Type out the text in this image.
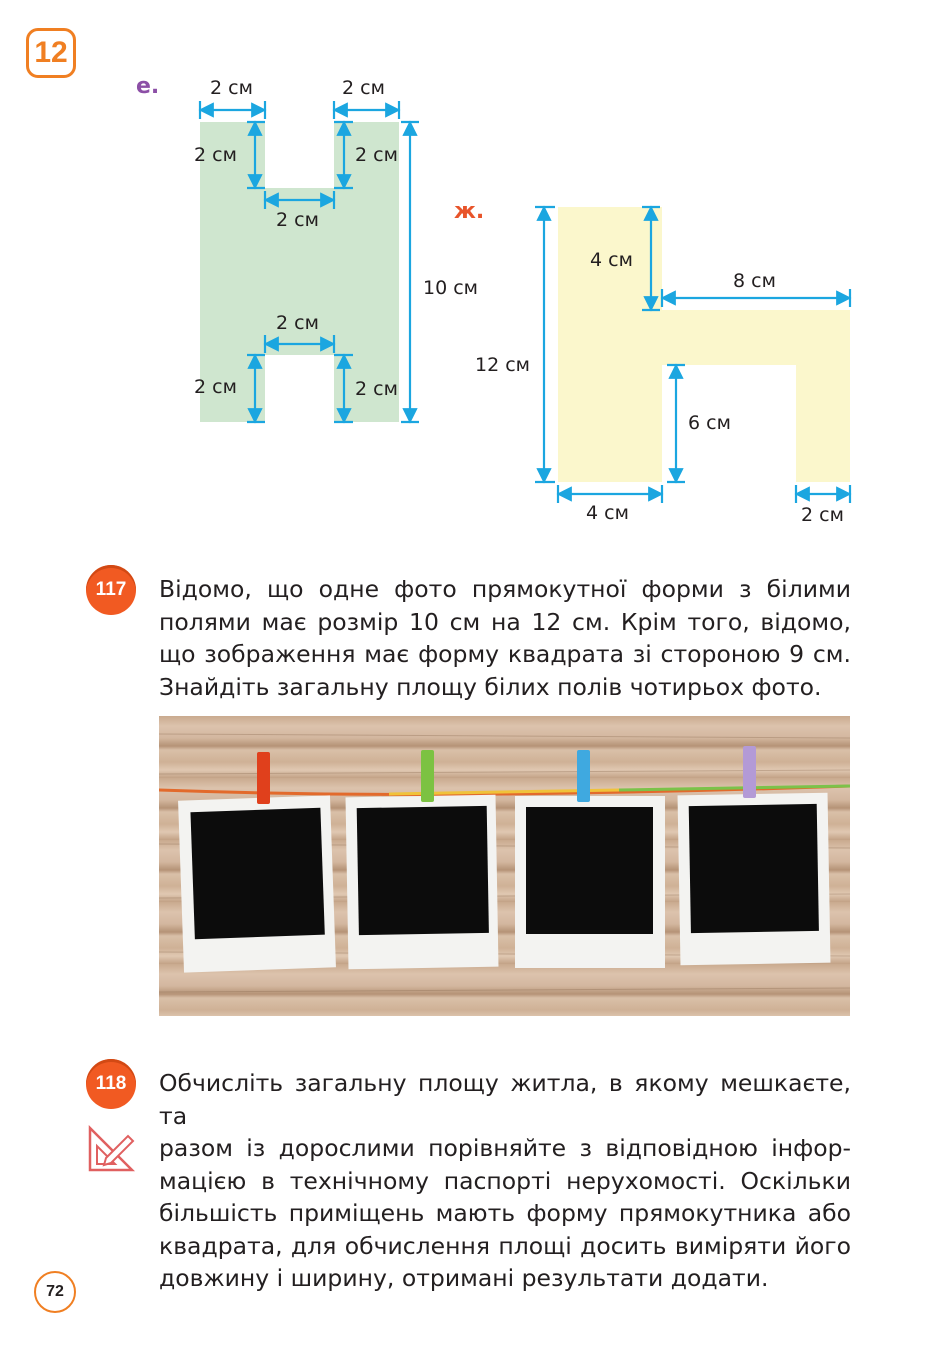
12
е.	2 см	2 см
2 см	2 см
2 см
10 см
2 см
2 см	2 см
ж.
4 см
8 см
12 см
6 см
4 см	2 см
117	Відомо, що одне фото прямокутної форми з білими
полями має розмір 10 см на 12 см. Крім того, відомо,
що зображення має форму квадрата зі стороною 9 см.
Знайдіть загальну площу білих полів чотирьох фото.
118	Обчисліть загальну площу житла, в якому мешкаєте, та
разом із дорослими порівняйте з відповідною інфор-
мацією в технічному паспорті нерухомості. Оскільки
більшість приміщень мають форму прямокутника або
квадрата, для обчислення площі досить виміряти його
довжину і ширину, отримані результати додати.
72
